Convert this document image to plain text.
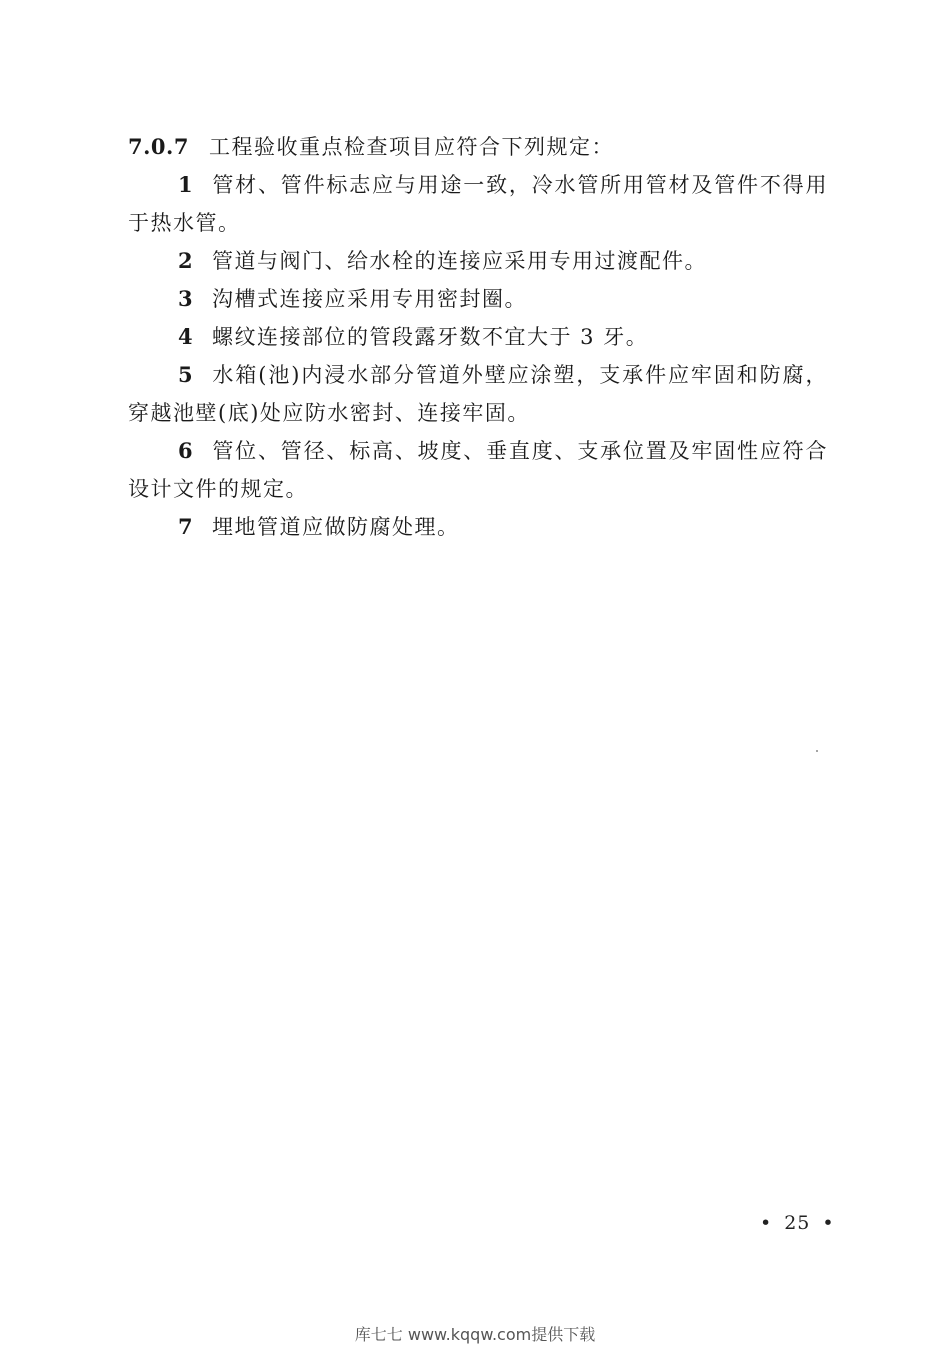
7.0.7 工程验收重点检查项目应符合下列规定：

1 管材、管件标志应与用途一致，冷水管所用管材及管件不得用于热水管。

2 管道与阀门、给水栓的连接应采用专用过渡配件。

3 沟槽式连接应采用专用密封圈。

4 螺纹连接部位的管段露牙数不宜大于 3 牙。

5 水箱(池)内浸水部分管道外壁应涂塑，支承件应牢固和防腐，穿越池壁(底)处应防水密封、连接牢固。

6 管位、管径、标高、坡度、垂直度、支承位置及牢固性应符合设计文件的规定。

7 埋地管道应做防腐处理。

• 25 •
库七七 www.kqqw.com提供下载
